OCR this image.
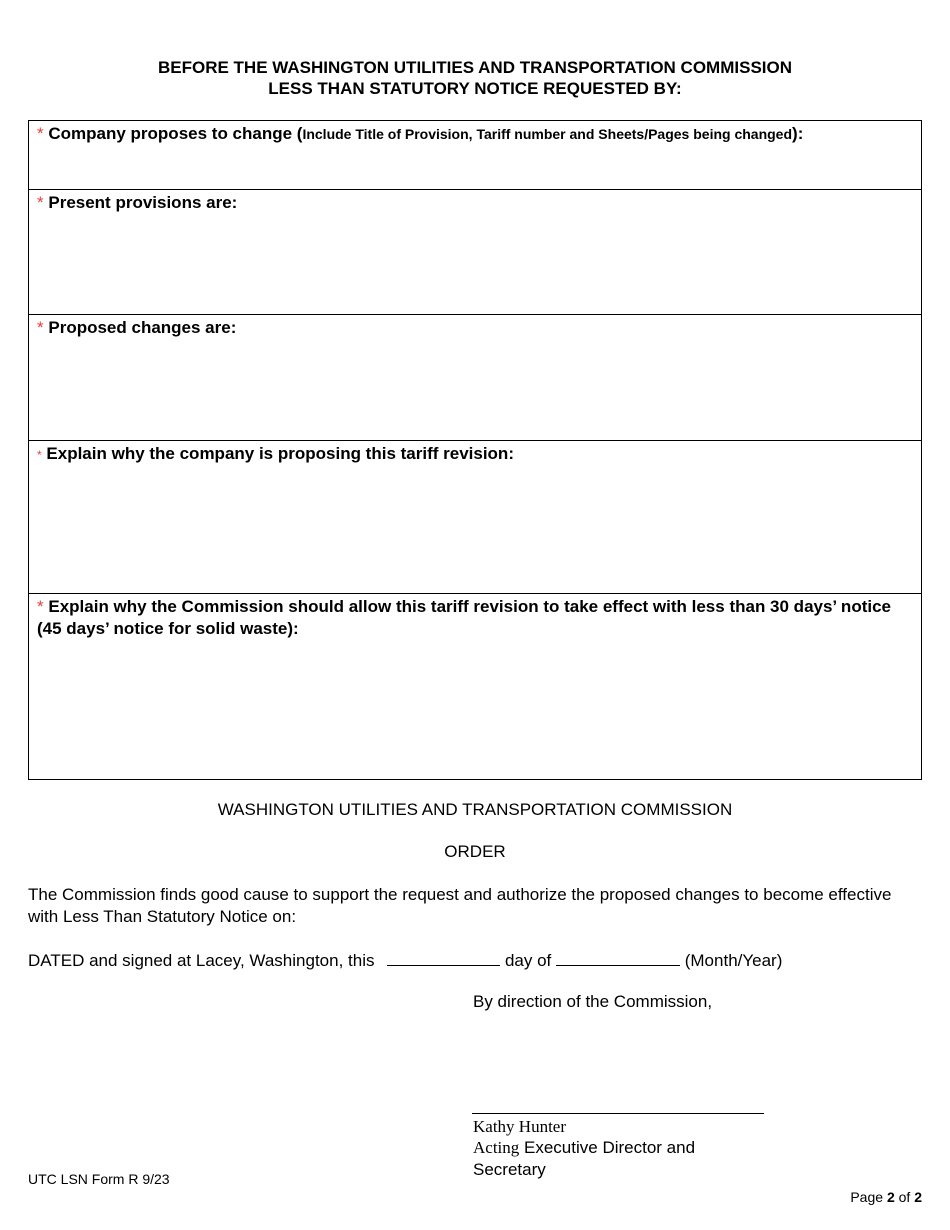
BEFORE THE WASHINGTON UTILITIES AND TRANSPORTATION COMMISSION
LESS THAN STATUTORY NOTICE REQUESTED BY:
* Company proposes to change (Include Title of Provision, Tariff number and Sheets/Pages being changed):
* Present provisions are:
* Proposed changes are:
* Explain why the company is proposing this tariff revision:
* Explain why the Commission should allow this tariff revision to take effect with less than 30 days’ notice (45 days’ notice for solid waste):
WASHINGTON UTILITIES AND TRANSPORTATION COMMISSION
ORDER
The Commission finds good cause to support the request and authorize the proposed changes to become effective with Less Than Statutory Notice on:
DATED and signed at Lacey, Washington, this	day of	(Month/Year)
By direction of the Commission,
Kathy Hunter
Acting Executive Director and
Secretary
UTC LSN Form R 9/23
Page 2 of 2
